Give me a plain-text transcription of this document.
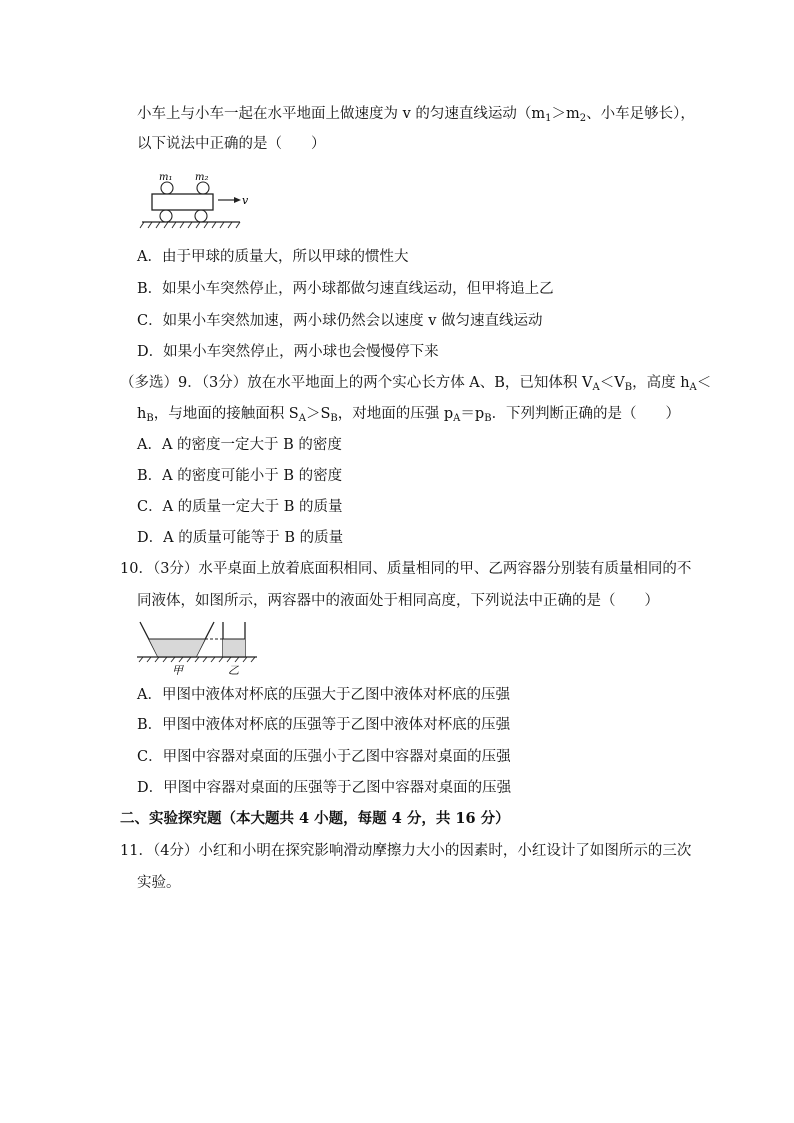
小车上与小车一起在水平地面上做速度为 v 的匀速直线运动（$m_1>m_2$、小车足够长），
以下说法中正确的是（　　）
m₁ m₂
v
A．由于甲球的质量大，所以甲球的惯性大
B．如果小车突然停止，两小球都做匀速直线运动，但甲将追上乙
C．如果小车突然加速，两小球仍然会以速度 v 做匀速直线运动
D．如果小车突然停止，两小球也会慢慢停下来
（多选）9．（3分）放在水平地面上的两个实心长方体 A、B，已知体积 $V_A<V_B$，高度 $h_A<$
$h_B$，与地面的接触面积 $S_A>S_B$，对地面的压强 $p_A=p_B$．下列判断正确的是（　　）
A．A 的密度一定大于 B 的密度
B．A 的密度可能小于 B 的密度
C．A 的质量一定大于 B 的质量
D．A 的质量可能等于 B 的质量
10．（3分）水平桌面上放着底面积相同、质量相同的甲、乙两容器分别装有质量相同的不
同液体，如图所示，两容器中的液面处于相同高度，下列说法中正确的是（　　）
甲	乙
A．甲图中液体对杯底的压强大于乙图中液体对杯底的压强
B．甲图中液体对杯底的压强等于乙图中液体对杯底的压强
C．甲图中容器对桌面的压强小于乙图中容器对桌面的压强
D．甲图中容器对桌面的压强等于乙图中容器对桌面的压强
二、实验探究题（本大题共 4 小题，每题 4 分，共 16 分）
11．（4分）小红和小明在探究影响滑动摩擦力大小的因素时，小红设计了如图所示的三次
实验。
